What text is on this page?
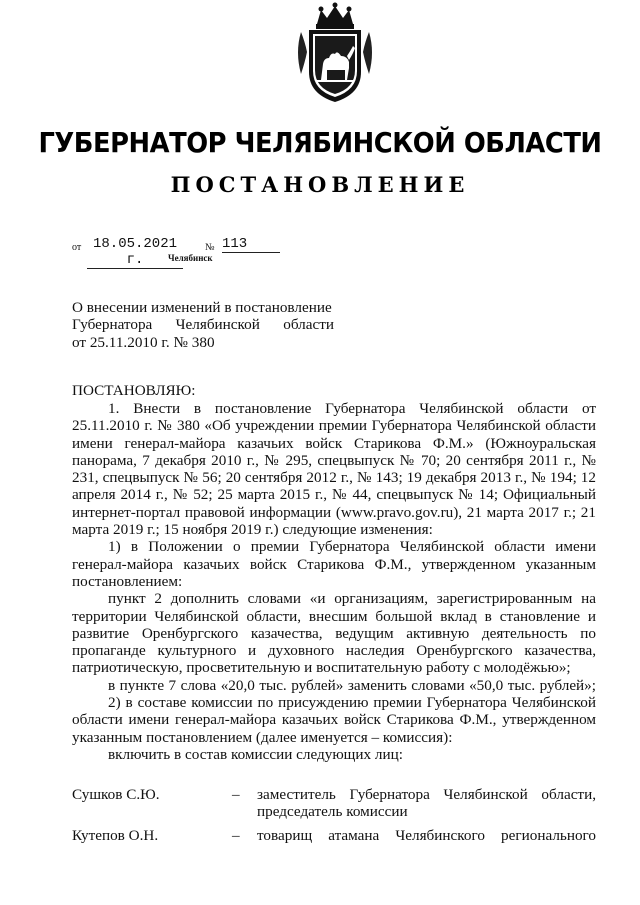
ГУБЕРНАТОР ЧЕЛЯБИНСКОЙ ОБЛАСТИ
ПОСТАНОВЛЕНИЕ
от 18.05.2021 г.
№ 113
Челябинск

О внесении изменений в постановление

Губернатора Челябинской области

от 25.11.2010 г. № 380

ПОСТАНОВЛЯЮ:

1. Внести в постановление Губернатора Челябинской области от 25.11.2010 г. № 380 «Об учреждении премии Губернатора Челябинской области имени генерал-майора казачьих войск Старикова Ф.М.» (Южноуральская панорама, 7 декабря 2010 г., № 295, спецвыпуск № 70; 20 сентября 2011 г., № 231, спецвыпуск № 56; 20 сентября 2012 г., № 143; 19 декабря 2013 г., № 194; 12 апреля 2014 г., № 52; 25 марта 2015 г., № 44, спецвыпуск № 14; Официальный интернет-портал правовой информации (www.pravo.gov.ru), 21 марта 2017 г.; 21 марта 2019 г.; 15 ноября 2019 г.) следующие изменения:

1) в Положении о премии Губернатора Челябинской области имени генерал-майора казачьих войск Старикова Ф.М., утвержденном указанным постановлением:

пункт 2 дополнить словами «и организациям, зарегистрированным на территории Челябинской области, внесшим большой вклад в становление и развитие Оренбургского казачества, ведущим активную деятельность по пропаганде культурного и духовного наследия Оренбургского казачества, патриотическую, просветительную и воспитательную работу с молодёжью»;

в пункте 7 слова «20,0 тыс. рублей» заменить словами «50,0 тыс. рублей»;

2) в составе комиссии по присуждению премии Губернатора Челябинской области имени генерал-майора казачьих войск Старикова Ф.М., утвержденном указанным постановлением (далее именуется – комиссия):

включить в состав комиссии следующих лиц:

Сушков С.Ю.	– заместитель Губернатора Челябинской области,
председатель комиссии
Кутепов О.Н.	– товарищ атамана Челябинского регионального
